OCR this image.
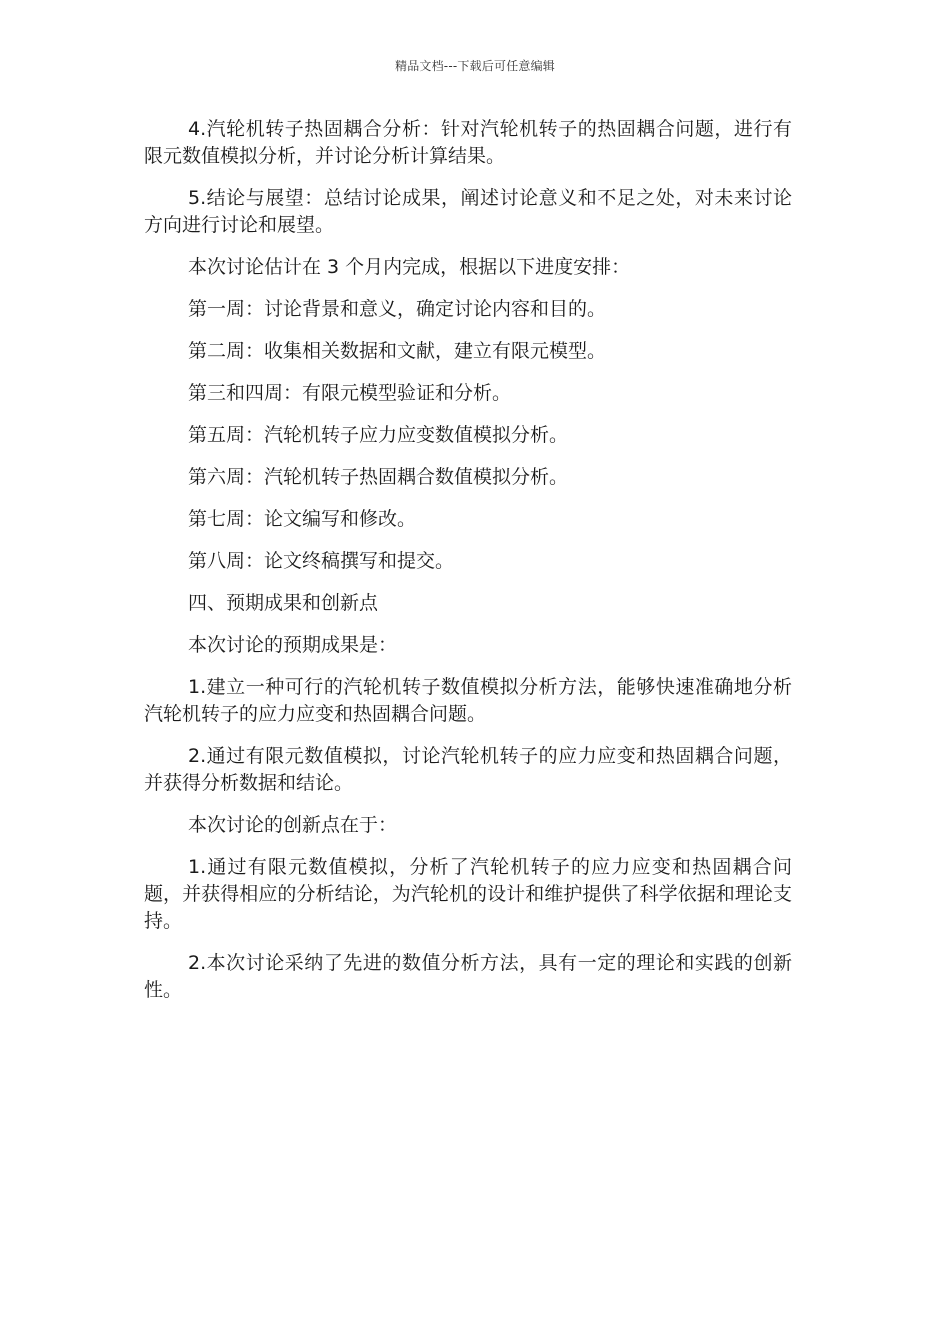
精品文档---下载后可任意编辑

4.汽轮机转子热固耦合分析：针对汽轮机转子的热固耦合问题，进行有限元数值模拟分析，并讨论分析计算结果。

5.结论与展望：总结讨论成果，阐述讨论意义和不足之处，对未来讨论方向进行讨论和展望。

本次讨论估计在 3 个月内完成，根据以下进度安排：

第一周：讨论背景和意义，确定讨论内容和目的。

第二周：收集相关数据和文献，建立有限元模型。

第三和四周：有限元模型验证和分析。

第五周：汽轮机转子应力应变数值模拟分析。

第六周：汽轮机转子热固耦合数值模拟分析。

第七周：论文编写和修改。

第八周：论文终稿撰写和提交。

四、预期成果和创新点

本次讨论的预期成果是：

1.建立一种可行的汽轮机转子数值模拟分析方法，能够快速准确地分析汽轮机转子的应力应变和热固耦合问题。

2.通过有限元数值模拟，讨论汽轮机转子的应力应变和热固耦合问题，并获得分析数据和结论。

本次讨论的创新点在于：

1.通过有限元数值模拟，分析了汽轮机转子的应力应变和热固耦合问题，并获得相应的分析结论，为汽轮机的设计和维护提供了科学依据和理论支持。

2.本次讨论采纳了先进的数值分析方法，具有一定的理论和实践的创新性。
